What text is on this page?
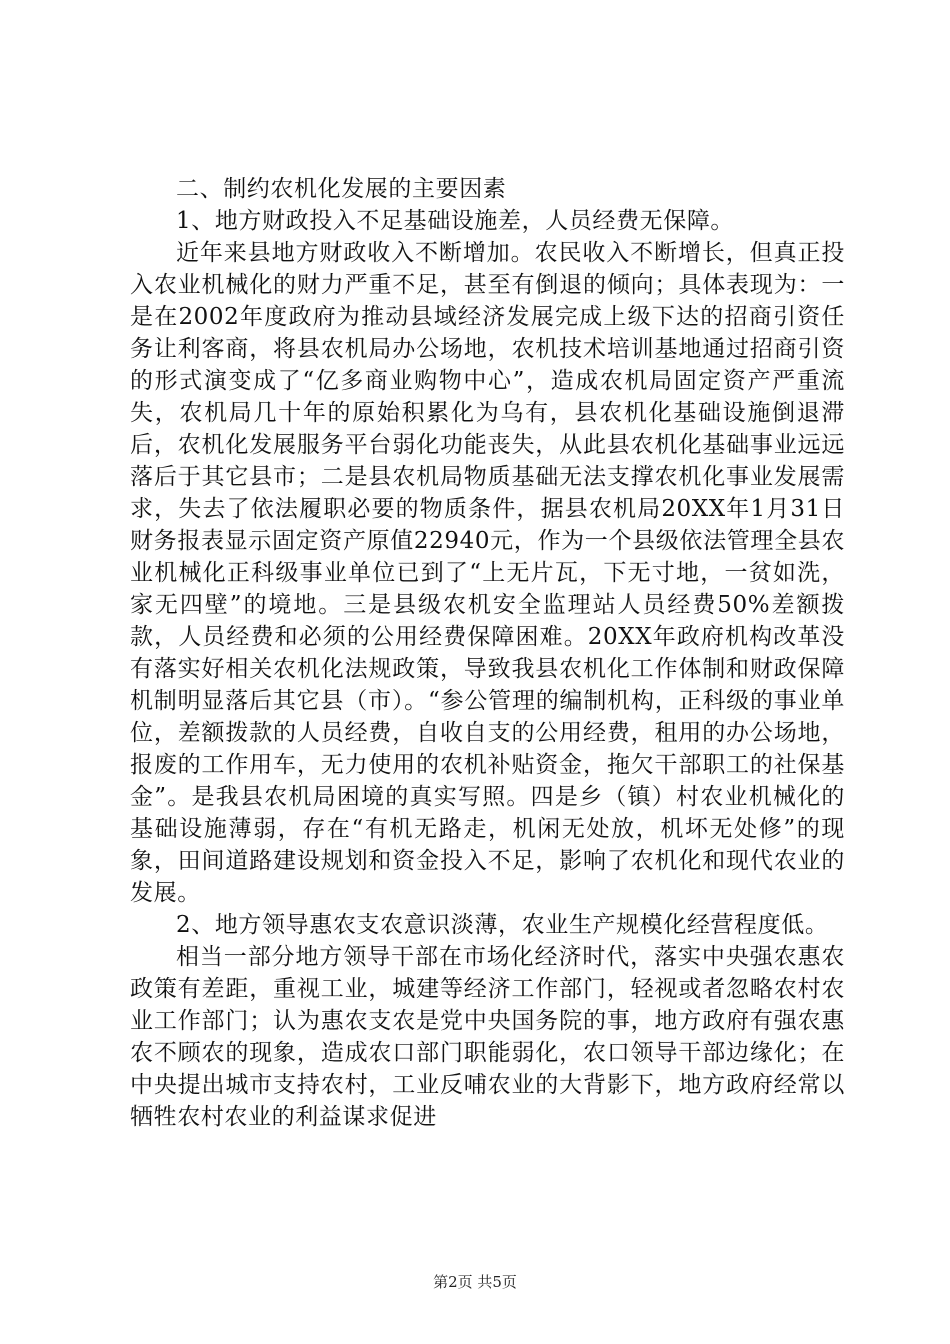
二、制约农机化发展的主要因素

1、地方财政投入不足基础设施差，人员经费无保障。

近年来县地方财政收入不断增加。农民收入不断增长，但真正投入农业机械化的财力严重不足，甚至有倒退的倾向；具体表现为：一是在2002年度政府为推动县域经济发展完成上级下达的招商引资任务让利客商，将县农机局办公场地，农机技术培训基地通过招商引资的形式演变成了“亿多商业购物中心”，造成农机局固定资产严重流失，农机局几十年的原始积累化为乌有，县农机化基础设施倒退滞后，农机化发展服务平台弱化功能丧失，从此县农机化基础事业远远落后于其它县市；二是县农机局物质基础无法支撑农机化事业发展需求，失去了依法履职必要的物质条件，据县农机局20XX年1月31日财务报表显示固定资产原值22940元，作为一个县级依法管理全县农业机械化正科级事业单位已到了“上无片瓦，下无寸地，一贫如洗，家无四壁”的境地。三是县级农机安全监理站人员经费50%差额拨款，人员经费和必须的公用经费保障困难。20XX年政府机构改革没有落实好相关农机化法规政策，导致我县农机化工作体制和财政保障机制明显落后其它县（市）。“参公管理的编制机构，正科级的事业单位，差额拨款的人员经费，自收自支的公用经费，租用的办公场地，报废的工作用车，无力使用的农机补贴资金，拖欠干部职工的社保基金”。是我县农机局困境的真实写照。四是乡（镇）村农业机械化的基础设施薄弱，存在“有机无路走，机闲无处放，机坏无处修”的现象，田间道路建设规划和资金投入不足，影响了农机化和现代农业的发展。

2、地方领导惠农支农意识淡薄，农业生产规模化经营程度低。

相当一部分地方领导干部在市场化经济时代，落实中央强农惠农政策有差距，重视工业，城建等经济工作部门，轻视或者忽略农村农业工作部门；认为惠农支农是党中央国务院的事，地方政府有强农惠农不顾农的现象，造成农口部门职能弱化，农口领导干部边缘化；在中央提出城市支持农村，工业反哺农业的大背影下，地方政府经常以牺牲农村农业的利益谋求促进

第2页 共5页
